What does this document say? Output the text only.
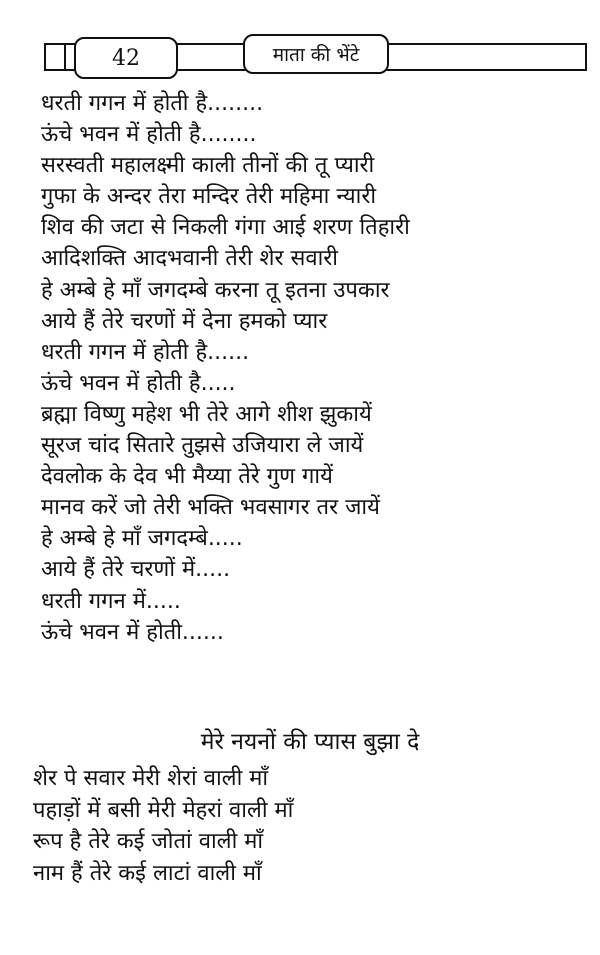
42	माता की भेंटे
धरती गगन में होती है........
ऊंचे भवन में होती है........
सरस्वती महालक्ष्मी काली तीनों की तू प्यारी
गुफा के अन्दर तेरा मन्दिर तेरी महिमा न्यारी
शिव की जटा से निकली गंगा आई शरण तिहारी
आदिशक्ति आदभवानी तेरी शेर सवारी
हे अम्बे हे माँ जगदम्बे करना तू इतना उपकार
आये हैं तेरे चरणों में देना हमको प्यार
धरती गगन में होती है......
ऊंचे भवन में होती है.....
ब्रह्मा विष्णु महेश भी तेरे आगे शीश झुकायें
सूरज चांद सितारे तुझसे उजियारा ले जायें
देवलोक के देव भी मैय्या तेरे गुण गायें
मानव करें जो तेरी भक्ति भवसागर तर जायें
हे अम्बे हे माँ जगदम्बे.....
आये हैं तेरे चरणों में.....
धरती गगन में.....
ऊंचे भवन में होती......
मेरे नयनों की प्यास बुझा दे
शेर पे सवार मेरी शेरां वाली माँ
पहाड़ों में बसी मेरी मेहरां वाली माँ
रूप है तेरे कई जोतां वाली माँ
नाम हैं तेरे कई लाटां वाली माँ
